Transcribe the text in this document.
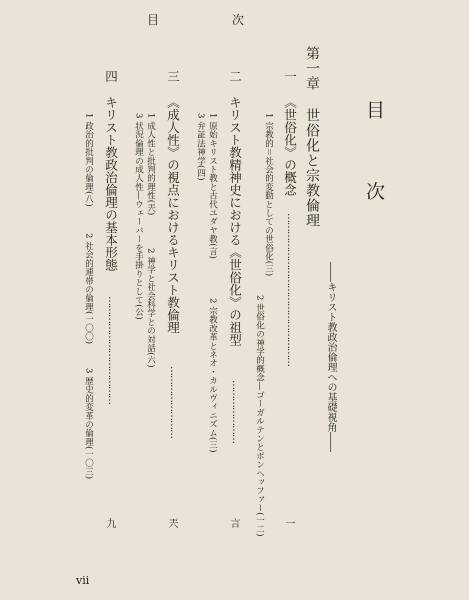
目	次
目 次
第一章
世俗化と宗教倫理
――キリスト教政治倫理への基礎視角――
一
一
《世俗化》の概念
……………………………………………
1 宗教的＝社会的変動としての世俗化(三)
2 世俗化の神学的概念―ゴーガルテンとボンヘッファー(一二)
二
キリスト教精神史における《世俗化》の祖型
…………………
言
1 原始キリスト教と古代ユダヤ教(言)
2 宗教改革とネオ・カルヴィニズム(三)
3 弁証法神学(四)
三
《成人性》の視点におけるキリスト教倫理
……………………
兲
1 成人性と批判的理性(兲)
2 神学と社会科学との対話(六)
3 状況倫理の成人性―ウェーバーを手掛りとして(公)
四
キリスト教政治倫理の基本形態
………………………………
九
1 政治的批判の倫理(八)
2 社会的連帯の倫理(一〇〇)
3 歴史的変革の倫理(一〇三)
vii
